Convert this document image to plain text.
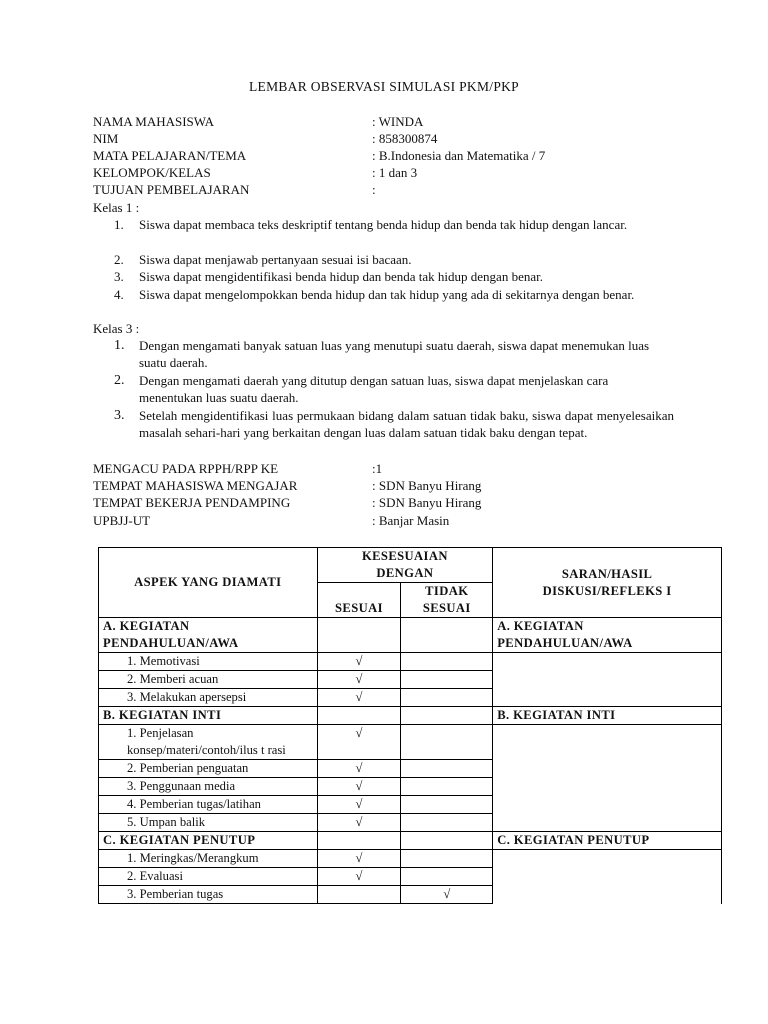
LEMBAR OBSERVASI SIMULASI PKM/PKP
NAMA MAHASISWA	: WINDA
NIM	: 858300874
MATA PELAJARAN/TEMA	: B.Indonesia dan Matematika / 7
KELOMPOK/KELAS	: 1 dan 3
TUJUAN PEMBELAJARAN	:
Kelas 1 :
1.	Siswa dapat membaca teks deskriptif tentang benda hidup dan benda tak hidup dengan lancar.
2.	Siswa dapat menjawab pertanyaan sesuai isi bacaan.
3.	Siswa dapat mengidentifikasi benda hidup dan benda tak hidup dengan benar.
4.	Siswa dapat mengelompokkan benda hidup dan tak hidup yang ada di sekitarnya dengan benar.
Kelas 3 :
1.	Dengan mengamati banyak satuan luas yang menutupi suatu daerah, siswa dapat menemukan luas suatu daerah.
2.	Dengan mengamati daerah yang ditutup dengan satuan luas, siswa dapat menjelaskan cara menentukan luas suatu daerah.
3.	Setelah mengidentifikasi luas permukaan bidang dalam satuan tidak baku, siswa dapat menyelesaikan masalah sehari-hari yang berkaitan dengan luas dalam satuan tidak baku dengan tepat.
MENGACU PADA RPPH/RPP KE	:1
TEMPAT MAHASISWA MENGAJAR	: SDN Banyu Hirang
TEMPAT BEKERJA PENDAMPING	: SDN Banyu Hirang
UPBJJ-UT	: Banjar Masin
ASPEK YANG DIAMATI	KESESUAIAN DENGAN		SARAN/HASIL DISKUSI/REFLEKS I
	SESUAI	TIDAK SESUAI	
A. KEGIATAN PENDAHULUAN/AWA			A. KEGIATAN PENDAHULUAN/AWA
1. Memotivasi	√		
2. Memberi acuan	√		
3. Melakukan apersepsi	√		
B. KEGIATAN INTI			B. KEGIATAN INTI
1. Penjelasan konsep/materi/contoh/ilus t rasi	√		
2. Pemberian penguatan	√		
3. Penggunaan media	√		
4. Pemberian tugas/latihan	√		
5. Umpan balik	√		
C. KEGIATAN PENUTUP			C. KEGIATAN PENUTUP
1. Meringkas/Merangkum	√		
2. Evaluasi	√		
3. Pemberian tugas		√	
